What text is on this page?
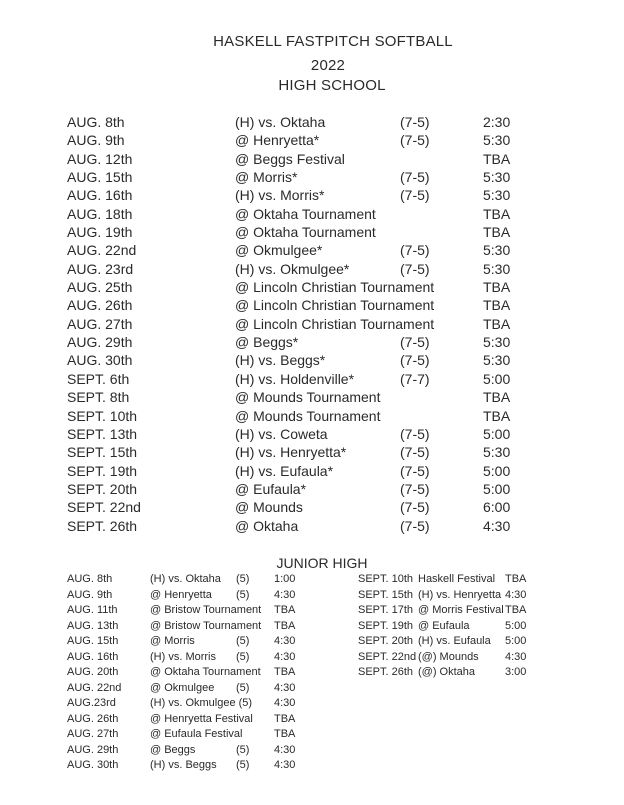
HASKELL FASTPITCH SOFTBALL
2022
HIGH SCHOOL
AUG. 8th	(H) vs. Oktaha	(7-5)	2:30
AUG. 9th	@ Henryetta*	(7-5)	5:30
AUG. 12th	@ Beggs Festival	TBA
AUG. 15th	@ Morris*	(7-5)	5:30
AUG. 16th	(H) vs. Morris*	(7-5)	5:30
AUG. 18th	@ Oktaha Tournament	TBA
AUG. 19th	@ Oktaha Tournament	TBA
AUG. 22nd	@ Okmulgee*	(7-5)	5:30
AUG. 23rd	(H) vs. Okmulgee*	(7-5)	5:30
AUG. 25th	@ Lincoln Christian Tournament	TBA
AUG. 26th	@ Lincoln Christian Tournament	TBA
AUG. 27th	@ Lincoln Christian Tournament	TBA
AUG. 29th	@ Beggs*	(7-5)	5:30
AUG. 30th	(H) vs. Beggs*	(7-5)	5:30
SEPT. 6th	(H) vs. Holdenville*	(7-7)	5:00
SEPT. 8th	@ Mounds Tournament	TBA
SEPT. 10th	@ Mounds Tournament	TBA
SEPT. 13th	(H) vs. Coweta	(7-5)	5:00
SEPT. 15th	(H) vs. Henryetta*	(7-5)	5:30
SEPT. 19th	(H) vs. Eufaula*	(7-5)	5:00
SEPT. 20th	@ Eufaula*	(7-5)	5:00
SEPT. 22nd	@ Mounds	(7-5)	6:00
SEPT. 26th	@ Oktaha	(7-5)	4:30
JUNIOR HIGH
AUG. 8th	(H) vs. Oktaha (5) 1:00
AUG. 9th	@ Henryetta (5) 4:30
AUG. 11th	@ Bristow Tournament TBA
AUG. 13th	@ Bristow Tournament TBA
AUG. 15th	@ Morris	(5) 4:30
AUG. 16th	(H) vs. Morris (5) 4:30
AUG. 20th	@ Oktaha Tournament TBA
AUG. 22nd	@ Okmulgee (5) 4:30
AUG.23rd	(H) vs. Okmulgee (5) 4:30
AUG. 26th	@ Henryetta Festival TBA
AUG. 27th	@ Eufaula Festival	TBA
AUG. 29th	@ Beggs	(5) 4:30
AUG. 30th	(H) vs. Beggs (5) 4:30
SEPT. 10th Haskell Festival TBA
SEPT. 15th (H) vs. Henryetta 4:30
SEPT. 17th @ Morris Festival TBA
SEPT. 19th @ Eufaula	5:00
SEPT. 20th (H) vs. Eufaula 5:00
SEPT. 22nd (@) Mounds 4:30
SEPT. 26th (@) Oktaha	3:00
